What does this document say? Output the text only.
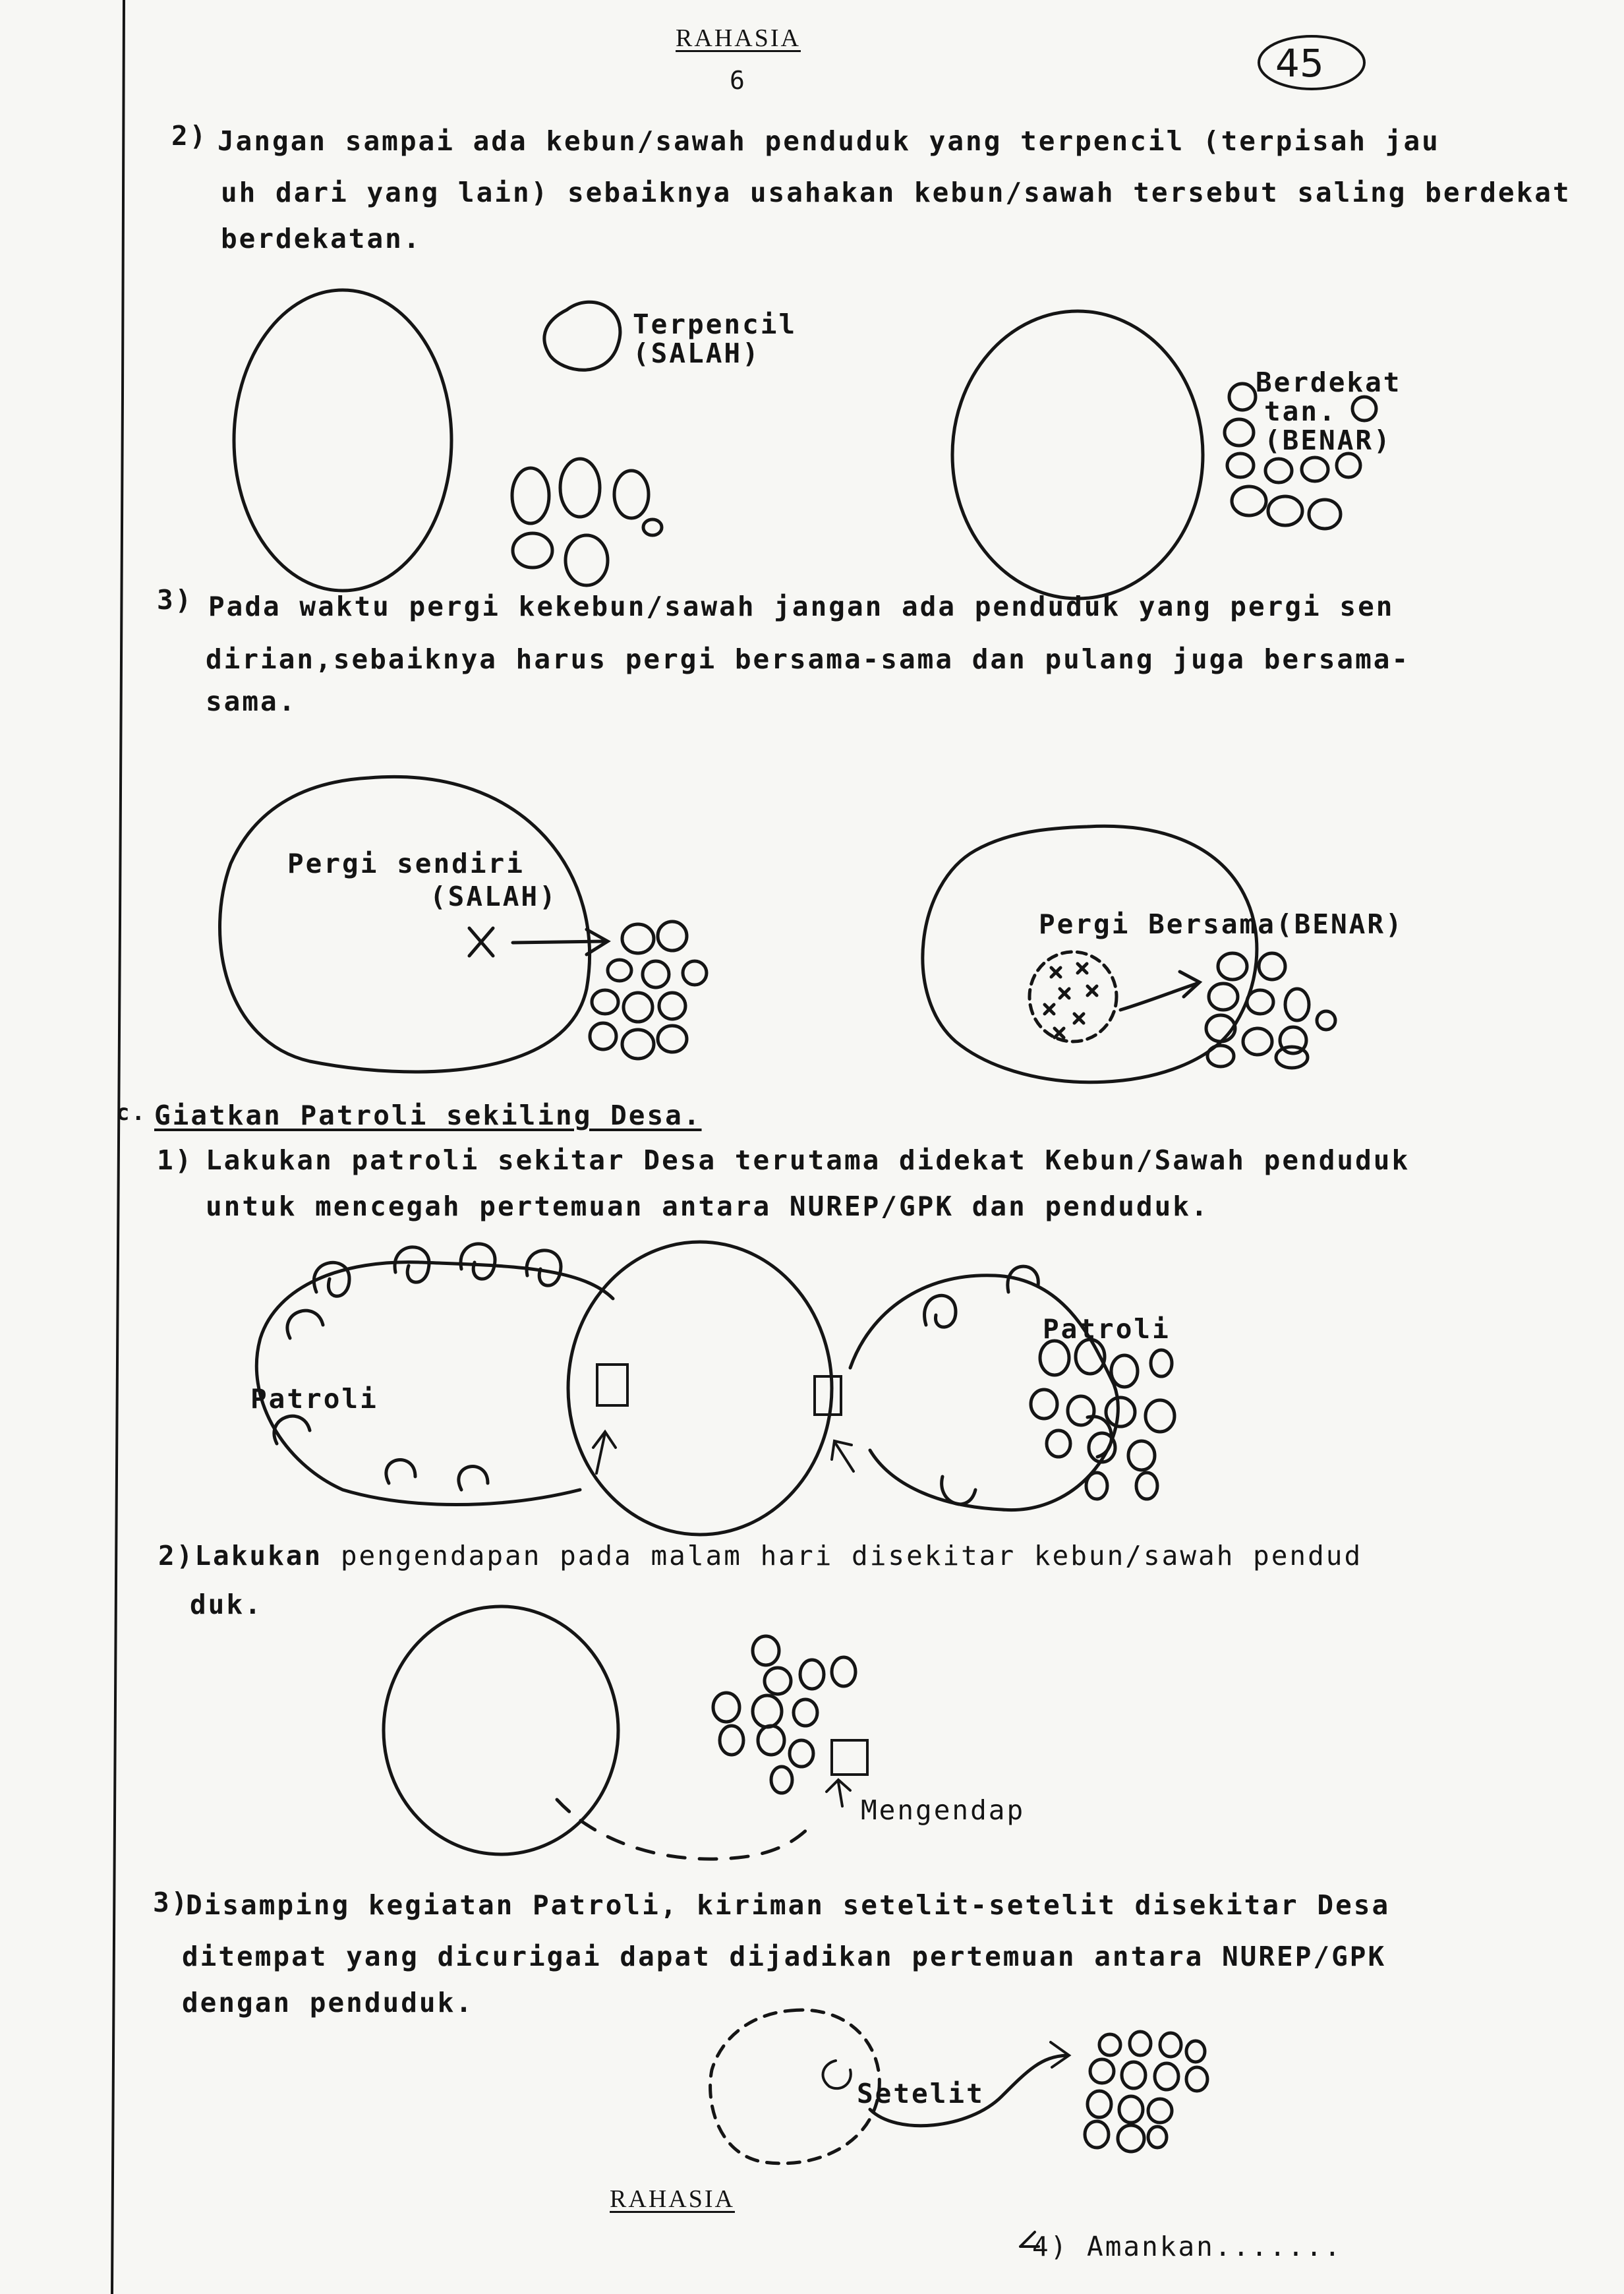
RAHASIA
6	45
2) Jangan sampai ada kebun/sawah penduduk yang terpencil (terpisah jau
uh dari yang lain) sebaiknya usahakan kebun/sawah tersebut saling berdekat
berdekatan.
Terpencil
(SALAH)
Berdekat
tan.
(BENAR)
3) Pada waktu pergi kekebun/sawah jangan ada penduduk yang pergi sen
dirian,sebaiknya harus pergi bersama-sama dan pulang juga bersama-
sama.
Pergi sendiri
(SALAH)
Pergi Bersama(BENAR)
c. Giatkan Patroli sekiling Desa.
1) Lakukan patroli sekitar Desa terutama didekat Kebun/Sawah penduduk
untuk mencegah pertemuan antara NUREP/GPK dan penduduk.
Patroli
Patroli
2)Lakukan pengendapan pada malam hari disekitar kebun/sawah pendud
duk.
Mengendap
3)
Disamping kegiatan Patroli, kiriman setelit-setelit disekitar Desa
ditempat yang dicurigai dapat dijadikan pertemuan antara NUREP/GPK
dengan penduduk.
Setelit
RAHASIA
4) Amankan.......
